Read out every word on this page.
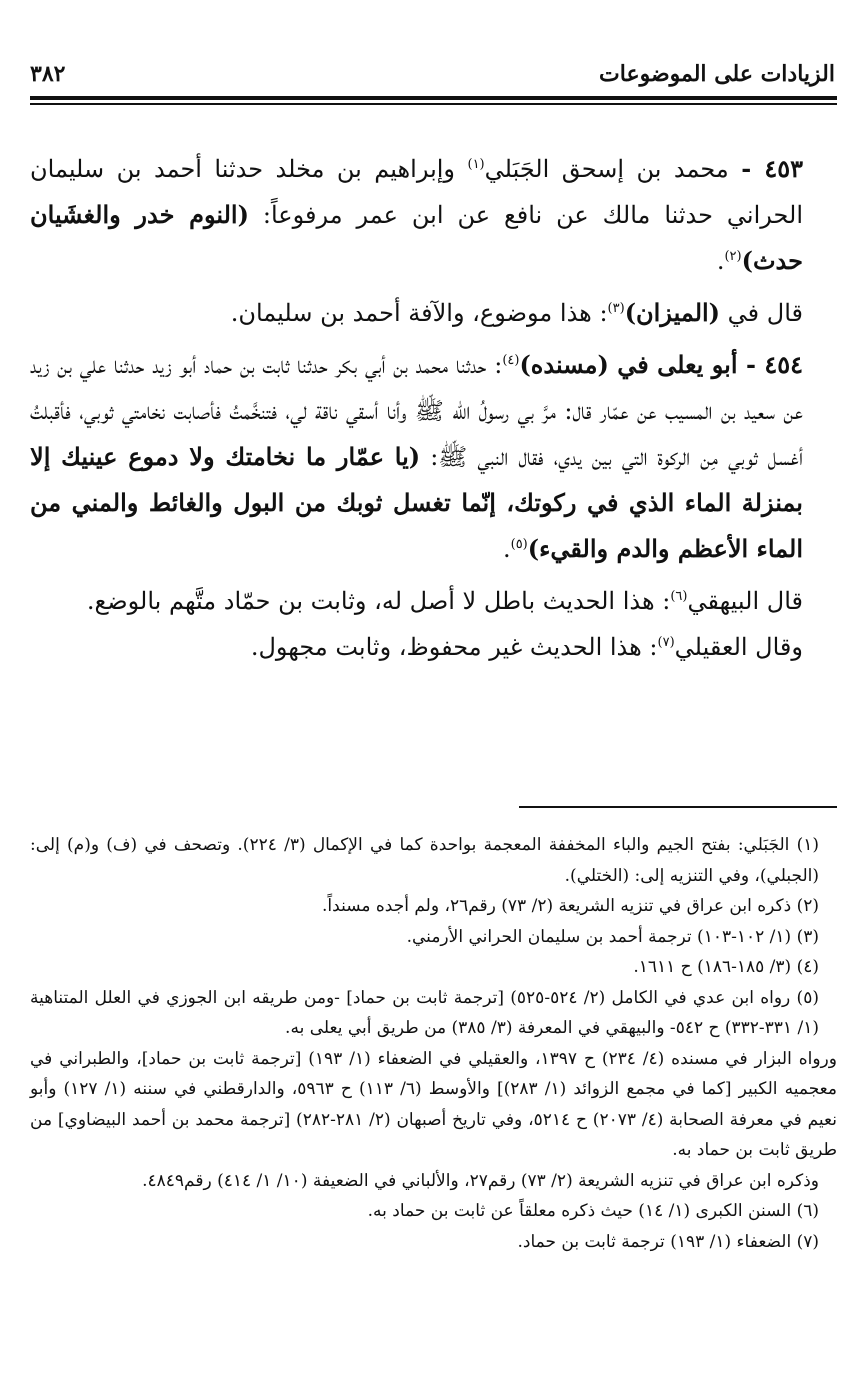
الزيادات على الموضوعات
٣٨٢

٤٥٣ - محمد بن إسحق الجَبَلي$^{(١)}$ وإبراهيم بن مخلد حدثنا أحمد بن سليمان الحراني حدثنا مالك عن نافع عن ابن عمر مرفوعاً: (النوم خدر والغشَيان حدث)$^{(٢)}$.

قال في (الميزان)$^{(٣)}$: هذا موضوع، والآفة أحمد بن سليمان.

٤٥٤ - أبو يعلى في (مسنده)$^{(٤)}$: حدثنا محمد بن أبي بكر حدثنا ثابت بن حماد أبو زيد حدثنا علي بن زيد عن سعيد بن المسيب عن عمّار قال: مرَّ بي رسولُ الله ﷺ وأنا أسقي ناقة لي، فتنخَّمتُ فأصابت نخامتي ثوبي، فأقبلتُ أغسل ثوبي مِن الركوة التي بين يدي، فقال النبي ﷺ: (يا عمّار ما نخامتك ولا دموع عينيك إلا بمنزلة الماء الذي في ركوتك، إنّما تغسل ثوبك من البول والغائط والمني من الماء الأعظم والدم والقيء)$^{(٥)}$.

قال البيهقي$^{(٦)}$: هذا الحديث باطل لا أصل له، وثابت بن حمّاد متَّهم بالوضع.

وقال العقيلي$^{(٧)}$: هذا الحديث غير محفوظ، وثابت مجهول.

(١) الجَبَلي: بفتح الجيم والباء المخففة المعجمة بواحدة كما في الإكمال (٣/ ٢٢٤). وتصحف في (ف) و(م) إلى: (الجبلي)، وفي التنزيه إلى: (الختلي).

(٢) ذكره ابن عراق في تنزيه الشريعة (٢/ ٧٣) رقم٢٦، ولم أجده مسنداً.

(٣) (١/ ١٠٢-١٠٣) ترجمة أحمد بن سليمان الحراني الأرمني.

(٤) (٣/ ١٨٥-١٨٦) ح ١٦١١.

(٥) رواه ابن عدي في الكامل (٢/ ٥٢٤-٥٢٥) [ترجمة ثابت بن حماد] -ومن طريقه ابن الجوزي في العلل المتناهية (١/ ٣٣١-٣٣٢) ح ٥٤٢- والبيهقي في المعرفة (٣/ ٣٨٥) من طريق أبي يعلى به.

ورواه البزار في مسنده (٤/ ٢٣٤) ح ١٣٩٧، والعقيلي في الضعفاء (١/ ١٩٣) [ترجمة ثابت بن حماد]، والطبراني في معجميه الكبير [كما في مجمع الزوائد (١/ ٢٨٣)] والأوسط (٦/ ١١٣) ح ٥٩٦٣، والدارقطني في سننه (١/ ١٢٧) وأبو نعيم في معرفة الصحابة (٤/ ٢٠٧٣) ح ٥٢١٤، وفي تاريخ أصبهان (٢/ ٢٨١-٢٨٢) [ترجمة محمد بن أحمد البيضاوي] من طريق ثابت بن حماد به.

وذكره ابن عراق في تنزيه الشريعة (٢/ ٧٣) رقم٢٧، والألباني في الضعيفة (١٠/ ١/ ٤١٤) رقم٤٨٤٩.

(٦) السنن الكبرى (١/ ١٤) حيث ذكره معلقاً عن ثابت بن حماد به.

(٧) الضعفاء (١/ ١٩٣) ترجمة ثابت بن حماد.
